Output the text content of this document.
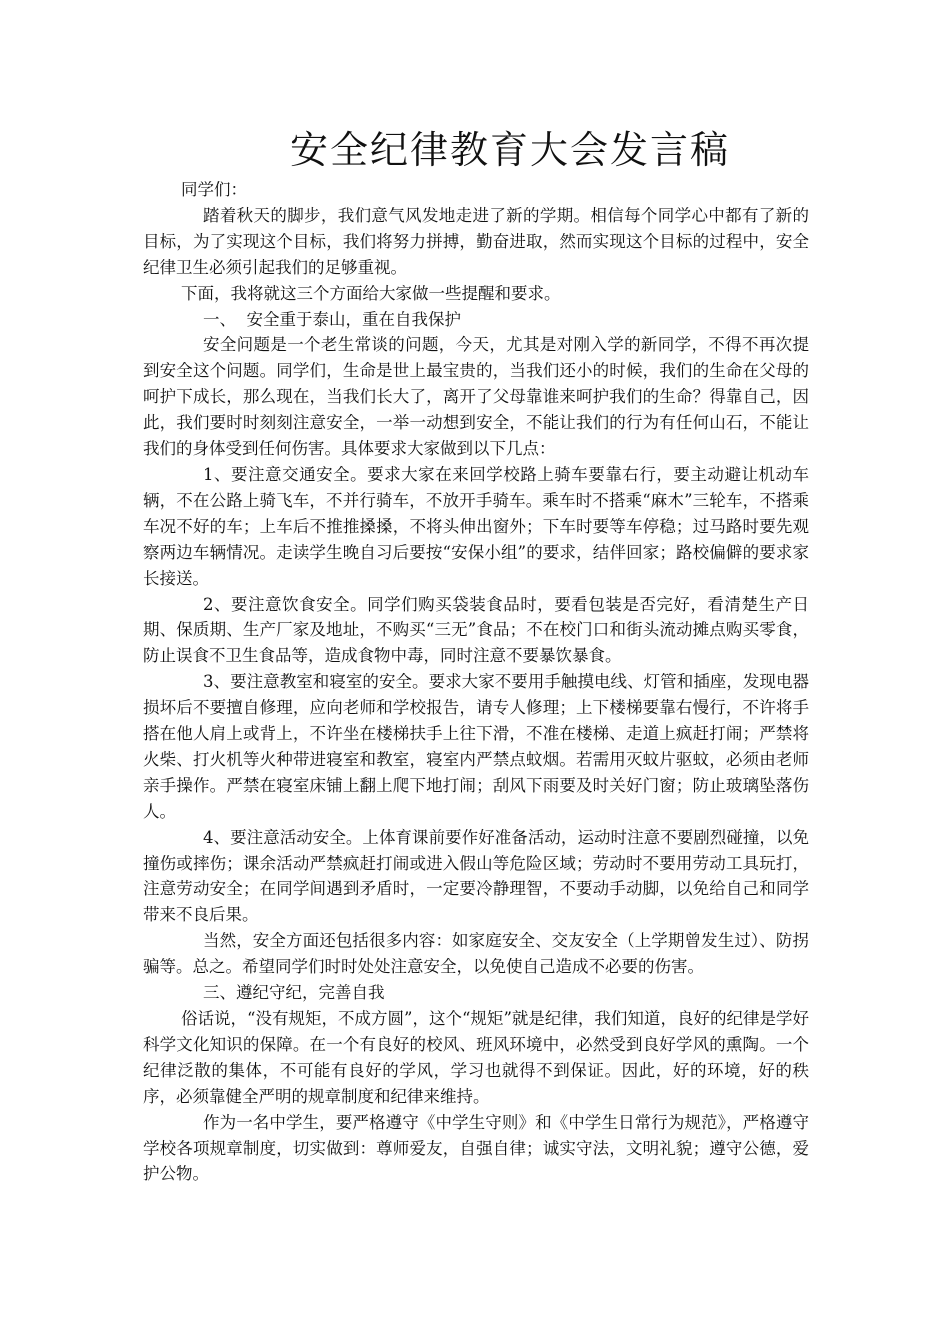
安全纪律教育大会发言稿

同学们：

踏着秋天的脚步，我们意气风发地走进了新的学期。相信每个同学心中都有了新的目标，为了实现这个目标，我们将努力拼搏，勤奋进取，然而实现这个目标的过程中，安全纪律卫生必须引起我们的足够重视。

下面，我将就这三个方面给大家做一些提醒和要求。

一、  安全重于泰山，重在自我保护

安全问题是一个老生常谈的问题，今天，尤其是对刚入学的新同学，不得不再次提到安全这个问题。同学们，生命是世上最宝贵的，当我们还小的时候，我们的生命在父母的呵护下成长，那么现在，当我们长大了，离开了父母靠谁来呵护我们的生命？得靠自己，因此，我们要时时刻刻注意安全，一举一动想到安全，不能让我们的行为有任何山石，不能让我们的身体受到任何伤害。具体要求大家做到以下几点：

1、要注意交通安全。要求大家在来回学校路上骑车要靠右行，要主动避让机动车辆，不在公路上骑飞车，不并行骑车，不放开手骑车。乘车时不搭乘“麻木”三轮车，不搭乘车况不好的车；上车后不推推搡搡，不将头伸出窗外；下车时要等车停稳；过马路时要先观察两边车辆情况。走读学生晚自习后要按“安保小组”的要求，结伴回家；路校偏僻的要求家长接送。

2、要注意饮食安全。同学们购买袋装食品时，要看包装是否完好，看清楚生产日期、保质期、生产厂家及地址，不购买“三无”食品；不在校门口和街头流动摊点购买零食，防止误食不卫生食品等，造成食物中毒，同时注意不要暴饮暴食。

3、要注意教室和寝室的安全。要求大家不要用手触摸电线、灯管和插座，发现电器损坏后不要擅自修理，应向老师和学校报告，请专人修理；上下楼梯要靠右慢行，不许将手搭在他人肩上或背上，不许坐在楼梯扶手上往下滑，不准在楼梯、走道上疯赶打闹；严禁将火柴、打火机等火种带进寝室和教室，寝室内严禁点蚊烟。若需用灭蚊片驱蚊，必须由老师亲手操作。严禁在寝室床铺上翻上爬下地打闹；刮风下雨要及时关好门窗；防止玻璃坠落伤人。

4、要注意活动安全。上体育课前要作好准备活动，运动时注意不要剧烈碰撞，以免撞伤或摔伤；课余活动严禁疯赶打闹或进入假山等危险区域；劳动时不要用劳动工具玩打，注意劳动安全；在同学间遇到矛盾时，一定要冷静理智，不要动手动脚，以免给自己和同学带来不良后果。

当然，安全方面还包括很多内容：如家庭安全、交友安全（上学期曾发生过）、防拐骗等。总之。希望同学们时时处处注意安全，以免使自己造成不必要的伤害。

三、遵纪守纪，完善自我

俗话说，“没有规矩，不成方圆”，这个“规矩”就是纪律，我们知道，良好的纪律是学好科学文化知识的保障。在一个有良好的校风、班风环境中，必然受到良好学风的熏陶。一个纪律泛散的集体，不可能有良好的学风，学习也就得不到保证。因此，好的环境，好的秩序，必须靠健全严明的规章制度和纪律来维持。

作为一名中学生，要严格遵守《中学生守则》和《中学生日常行为规范》，严格遵守学校各项规章制度，切实做到：尊师爱友，自强自律；诚实守法，文明礼貌；遵守公德，爱护公物。
